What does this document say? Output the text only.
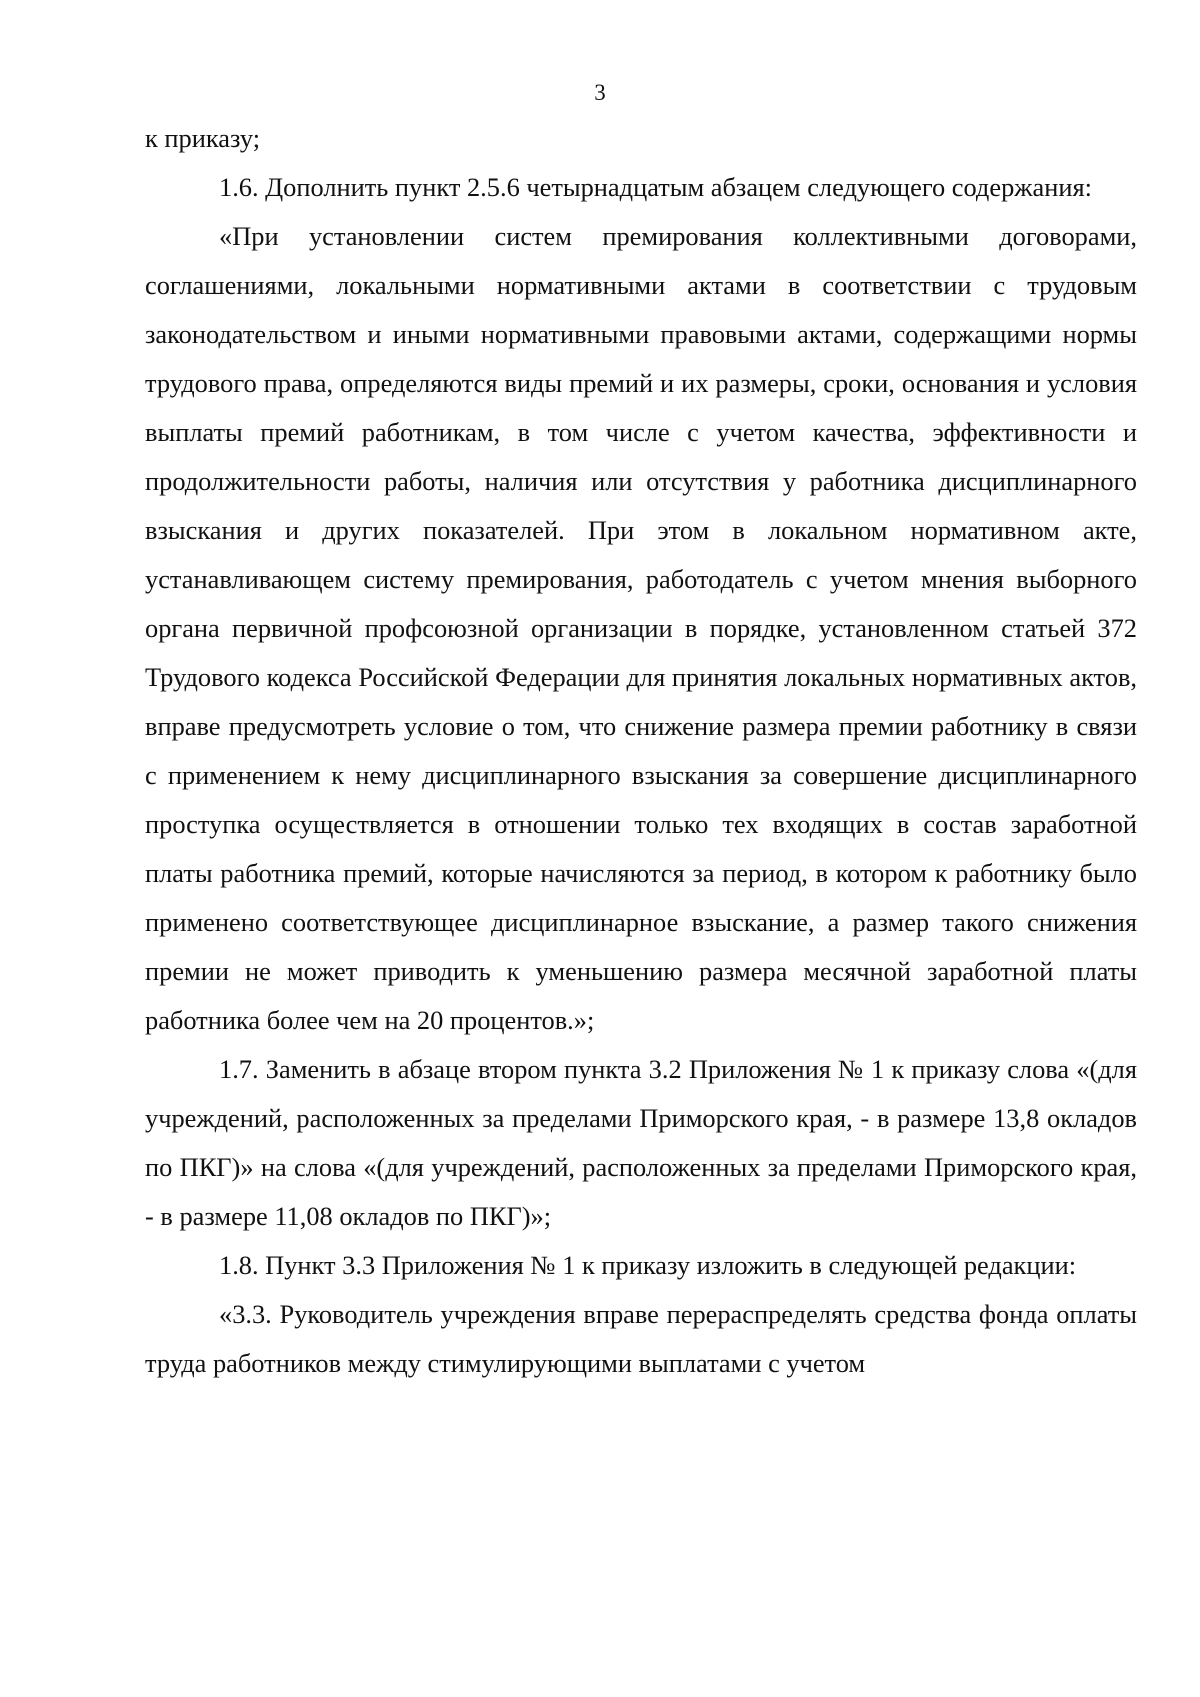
3

к приказу;

1.6. Дополнить пункт 2.5.6 четырнадцатым абзацем следующего содержания:

«При установлении систем премирования коллективными договорами, соглашениями, локальными нормативными актами в соответствии с трудовым законодательством и иными нормативными правовыми актами, содержащими нормы трудового права, определяются виды премий и их размеры, сроки, основания и условия выплаты премий работникам, в том числе с учетом качества, эффективности и продолжительности работы, наличия или отсутствия у работника дисциплинарного взыскания и других показателей. При этом в локальном нормативном акте, устанавливающем систему премирования, работодатель с учетом мнения выборного органа первичной профсоюзной организации в порядке, установленном статьей 372 Трудового кодекса Российской Федерации для принятия локальных нормативных актов, вправе предусмотреть условие о том, что снижение размера премии работнику в связи с применением к нему дисциплинарного взыскания за совершение дисциплинарного проступка осуществляется в отношении только тех входящих в состав заработной платы работника премий, которые начисляются за период, в котором к работнику было применено соответствующее дисциплинарное взыскание, а размер такого снижения премии не может приводить к уменьшению размера месячной заработной платы работника более чем на 20 процентов.»;

1.7. Заменить в абзаце втором пункта 3.2 Приложения № 1 к приказу слова «(для учреждений, расположенных за пределами Приморского края, - в размере 13,8 окладов по ПКГ)» на слова «(для учреждений, расположенных за пределами Приморского края, - в размере 11,08 окладов по ПКГ)»;

1.8. Пункт 3.3 Приложения № 1 к приказу изложить в следующей редакции:

«3.3. Руководитель учреждения вправе перераспределять средства фонда оплаты труда работников между стимулирующими выплатами с учетом
